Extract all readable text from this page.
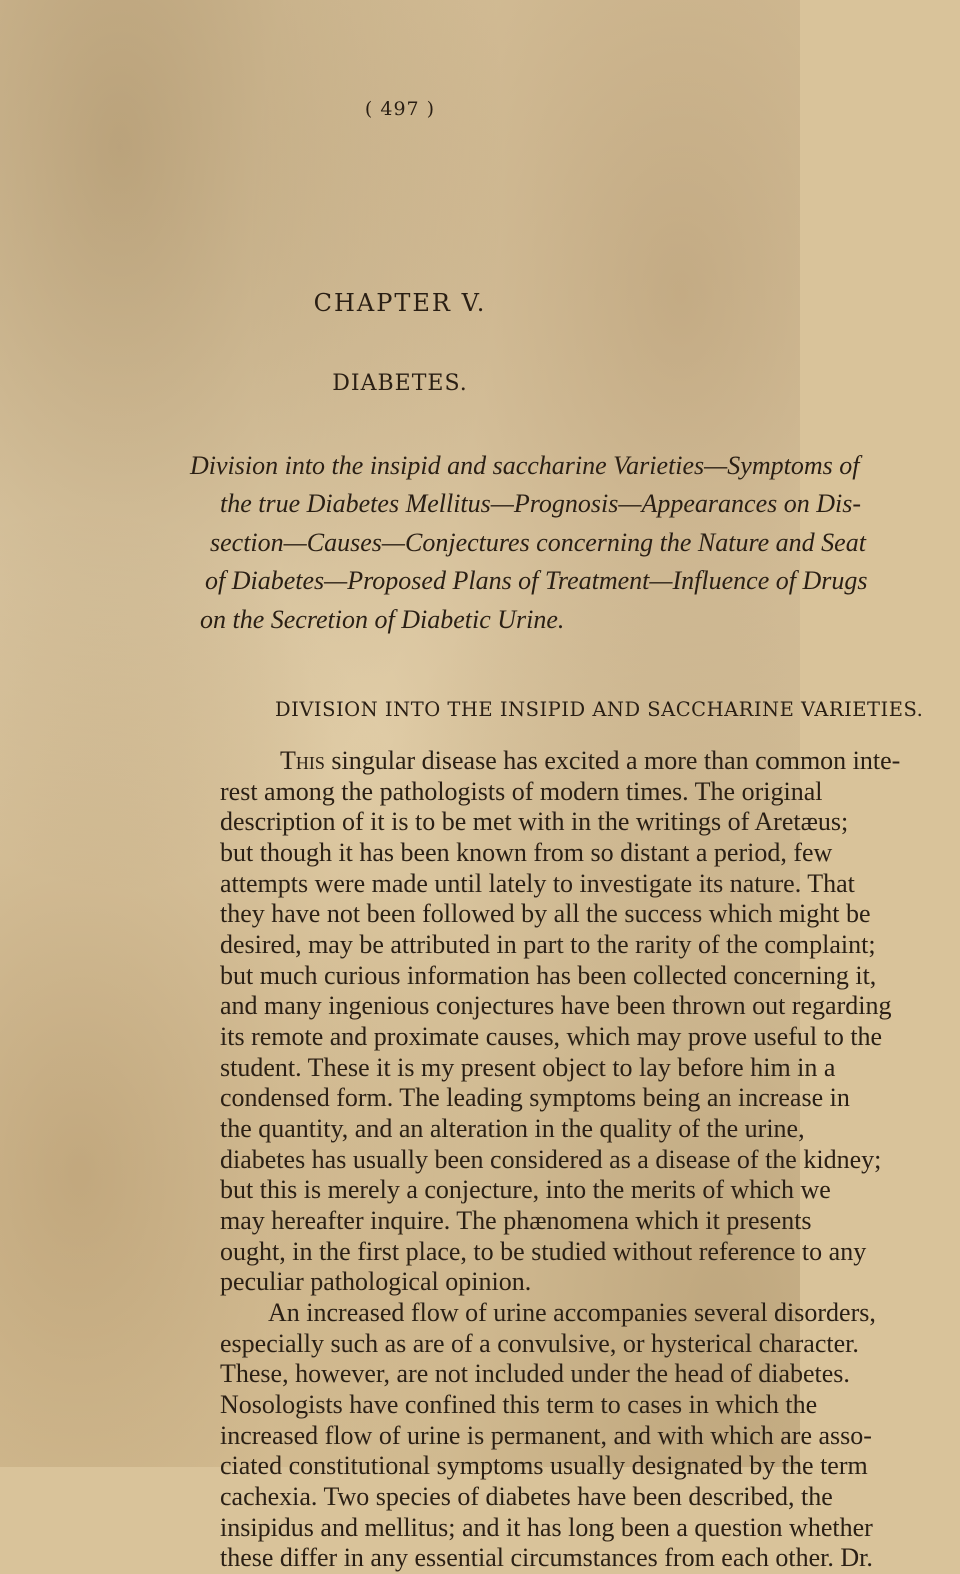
( 497 )
CHAPTER V.
DIABETES.
Division into the insipid and saccharine Varieties—Symptoms of
the true Diabetes Mellitus—Prognosis—Appearances on Dis-
section—Causes—Conjectures concerning the Nature and Seat
of Diabetes—Proposed Plans of Treatment—Influence of Drugs
on the Secretion of Diabetic Urine.
DIVISION INTO THE INSIPID AND SACCHARINE VARIETIES.
This singular disease has excited a more than common inte-
rest among the pathologists of modern times. The original
description of it is to be met with in the writings of Aretæus;
but though it has been known from so distant a period, few
attempts were made until lately to investigate its nature. That
they have not been followed by all the success which might be
desired, may be attributed in part to the rarity of the complaint;
but much curious information has been collected concerning it,
and many ingenious conjectures have been thrown out regarding
its remote and proximate causes, which may prove useful to the
student. These it is my present object to lay before him in a
condensed form. The leading symptoms being an increase in
the quantity, and an alteration in the quality of the urine,
diabetes has usually been considered as a disease of the kidney;
but this is merely a conjecture, into the merits of which we
may hereafter inquire. The phænomena which it presents
ought, in the first place, to be studied without reference to any
peculiar pathological opinion.
An increased flow of urine accompanies several disorders,
especially such as are of a convulsive, or hysterical character.
These, however, are not included under the head of diabetes.
Nosologists have confined this term to cases in which the
increased flow of urine is permanent, and with which are asso-
ciated constitutional symptoms usually designated by the term
cachexia. Two species of diabetes have been described, the
insipidus and mellitus; and it has long been a question whether
these differ in any essential circumstances from each other. Dr.
